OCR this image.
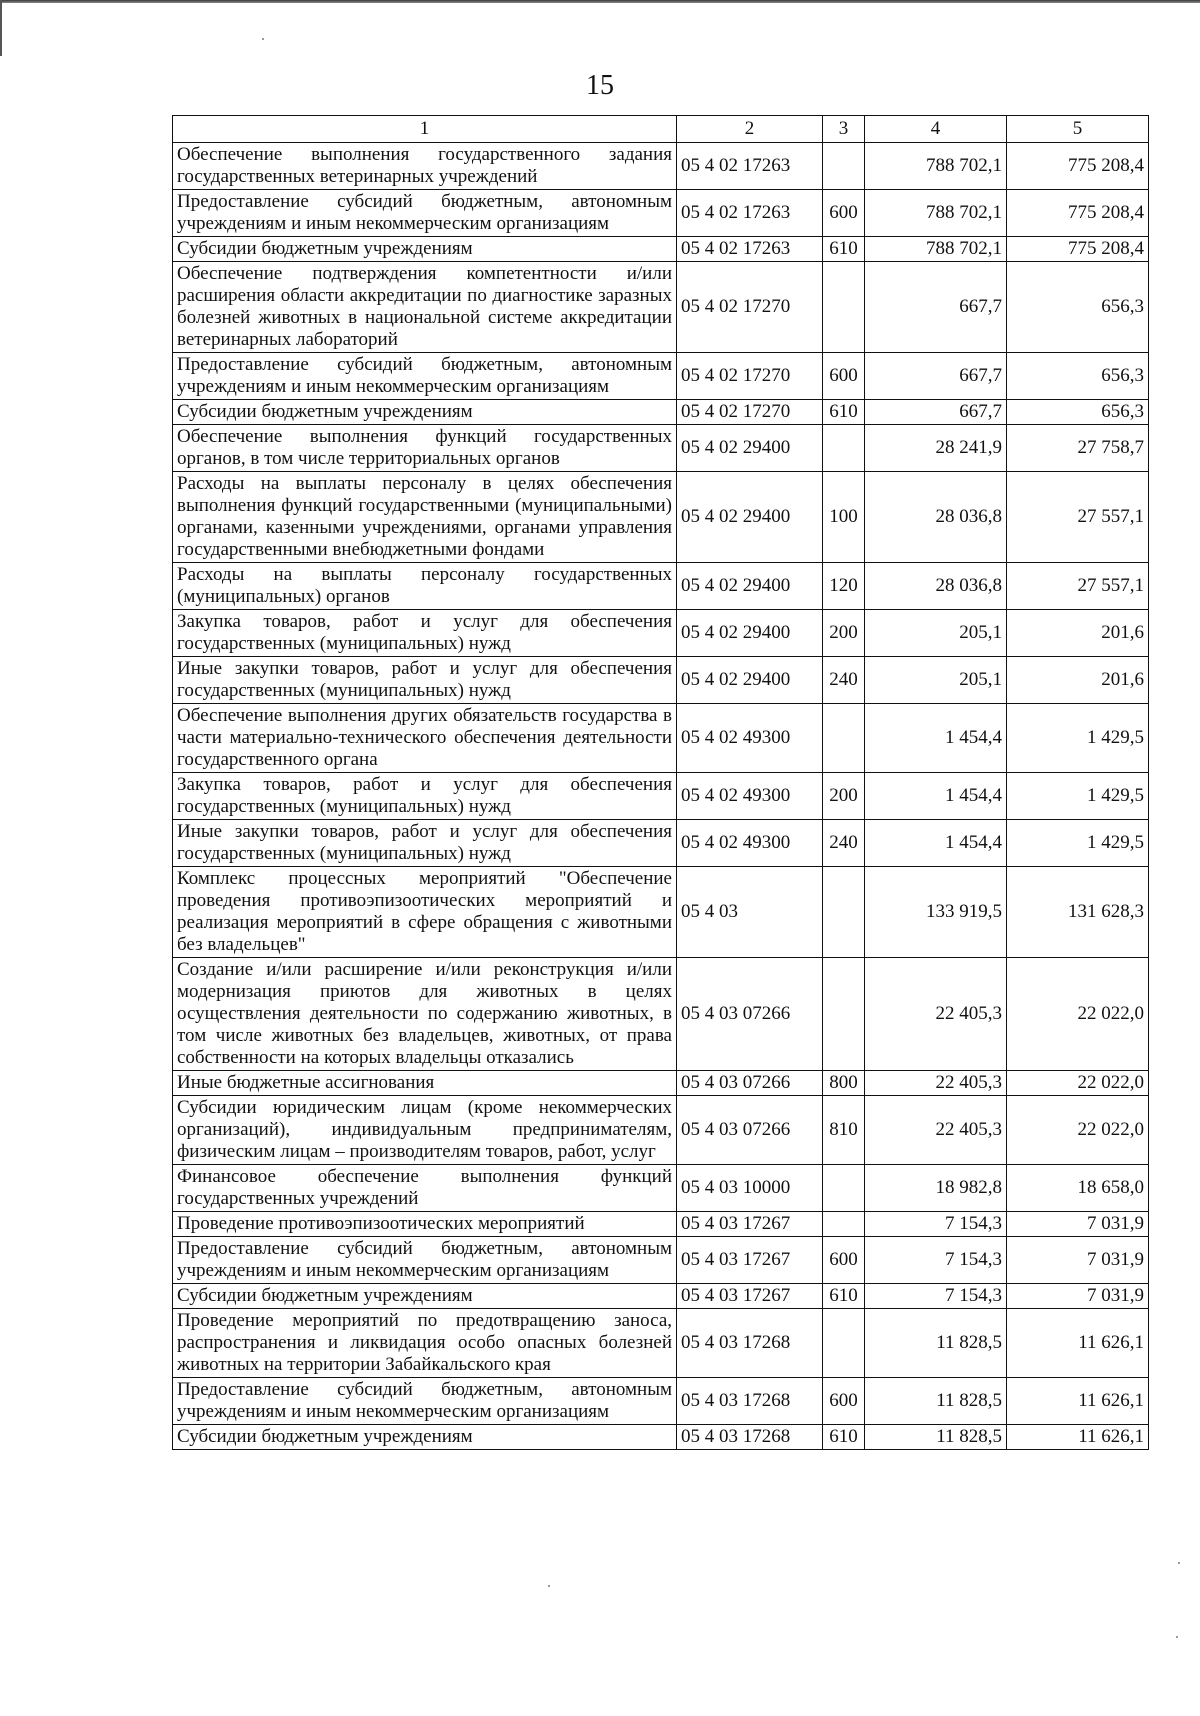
15
1	2	3	4	5
Обеспечение выполнения государственного задания государственных ветеринарных учреждений	05 4 02 17263		788 702,1	775 208,4
Предоставление субсидий бюджетным, автономным учреждениям и иным некоммерческим организациям	05 4 02 17263	600	788 702,1	775 208,4
Субсидии бюджетным учреждениям	05 4 02 17263	610	788 702,1	775 208,4
Обеспечение подтверждения компетентности и/или расширения области аккредитации по диагностике заразных болезней животных в национальной системе аккредитации ветеринарных лабораторий	05 4 02 17270		667,7	656,3
Предоставление субсидий бюджетным, автономным учреждениям и иным некоммерческим организациям	05 4 02 17270	600	667,7	656,3
Субсидии бюджетным учреждениям	05 4 02 17270	610	667,7	656,3
Обеспечение выполнения функций государственных органов, в том числе территориальных органов	05 4 02 29400		28 241,9	27 758,7
Расходы на выплаты персоналу в целях обеспечения выполнения функций государственными (муниципальными) органами, казенными учреждениями, органами управления государственными внебюджетными фондами	05 4 02 29400	100	28 036,8	27 557,1
Расходы на выплаты персоналу государственных (муниципальных) органов	05 4 02 29400	120	28 036,8	27 557,1
Закупка товаров, работ и услуг для обеспечения государственных (муниципальных) нужд	05 4 02 29400	200	205,1	201,6
Иные закупки товаров, работ и услуг для обеспечения государственных (муниципальных) нужд	05 4 02 29400	240	205,1	201,6
Обеспечение выполнения других обязательств государства в части материально-технического обеспечения деятельности государственного органа	05 4 02 49300		1 454,4	1 429,5
Закупка товаров, работ и услуг для обеспечения государственных (муниципальных) нужд	05 4 02 49300	200	1 454,4	1 429,5
Иные закупки товаров, работ и услуг для обеспечения государственных (муниципальных) нужд	05 4 02 49300	240	1 454,4	1 429,5
Комплекс процессных мероприятий "Обеспечение проведения противоэпизоотических мероприятий и реализация мероприятий в сфере обращения с животными без владельцев"	05 4 03		133 919,5	131 628,3
Создание и/или расширение и/или реконструкция и/или модернизация приютов для животных в целях осуществления деятельности по содержанию животных, в том числе животных без владельцев, животных, от права собственности на которых владельцы отказались	05 4 03 07266		22 405,3	22 022,0
Иные бюджетные ассигнования	05 4 03 07266	800	22 405,3	22 022,0
Субсидии юридическим лицам (кроме некоммерческих организаций), индивидуальным предпринимателям, физическим лицам – производителям товаров, работ, услуг	05 4 03 07266	810	22 405,3	22 022,0
Финансовое обеспечение выполнения функций государственных учреждений	05 4 03 10000		18 982,8	18 658,0
Проведение противоэпизоотических мероприятий	05 4 03 17267		7 154,3	7 031,9
Предоставление субсидий бюджетным, автономным учреждениям и иным некоммерческим организациям	05 4 03 17267	600	7 154,3	7 031,9
Субсидии бюджетным учреждениям	05 4 03 17267	610	7 154,3	7 031,9
Проведение мероприятий по предотвращению заноса, распространения и ликвидация особо опасных болезней животных на территории Забайкальского края	05 4 03 17268		11 828,5	11 626,1
Предоставление субсидий бюджетным, автономным учреждениям и иным некоммерческим организациям	05 4 03 17268	600	11 828,5	11 626,1
Субсидии бюджетным учреждениям	05 4 03 17268	610	11 828,5	11 626,1
